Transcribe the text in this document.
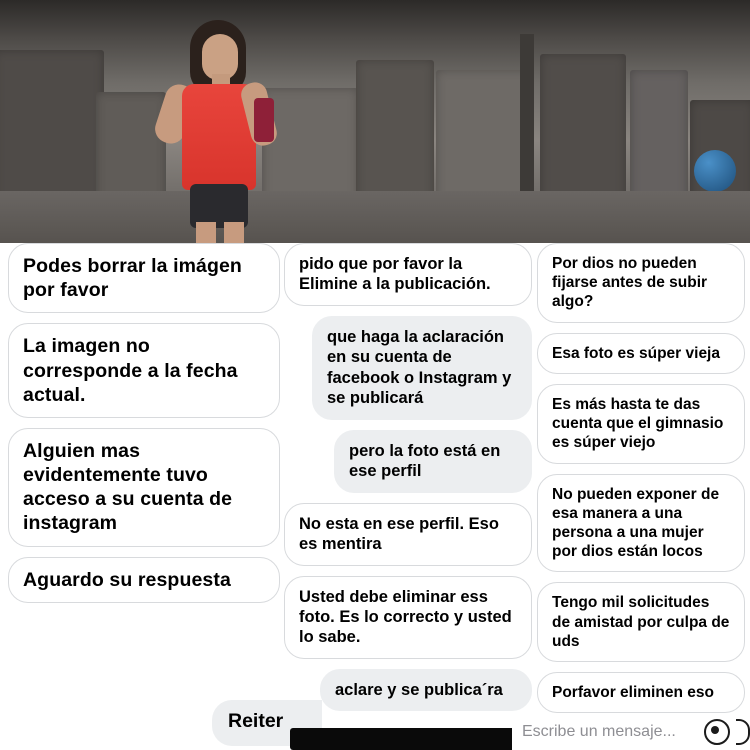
Podes borrar la imágen por favor
La imagen no corresponde a la fecha actual.
Alguien mas evidentemente tuvo acceso a su cuenta de instagram
Aguardo su respuesta
Reiter
pido que por favor la Elimine a la publicación.
que haga la aclaración en su cuenta de facebook o Instagram y se publicará
pero la foto está en ese perfil
No esta en ese perfil. Eso es mentira
Usted debe eliminar ess foto. Es lo correcto y usted lo sabe.
aclare y se publica´ra
Por dios no pueden fijarse antes de subir algo?
Esa foto es súper vieja
Es más hasta te das cuenta que el gimnasio es súper viejo
No pueden exponer de esa manera a una persona a una mujer por dios están locos
Tengo mil solicitudes de amistad por culpa de uds
Porfavor eliminen eso
Escribe un mensaje...
